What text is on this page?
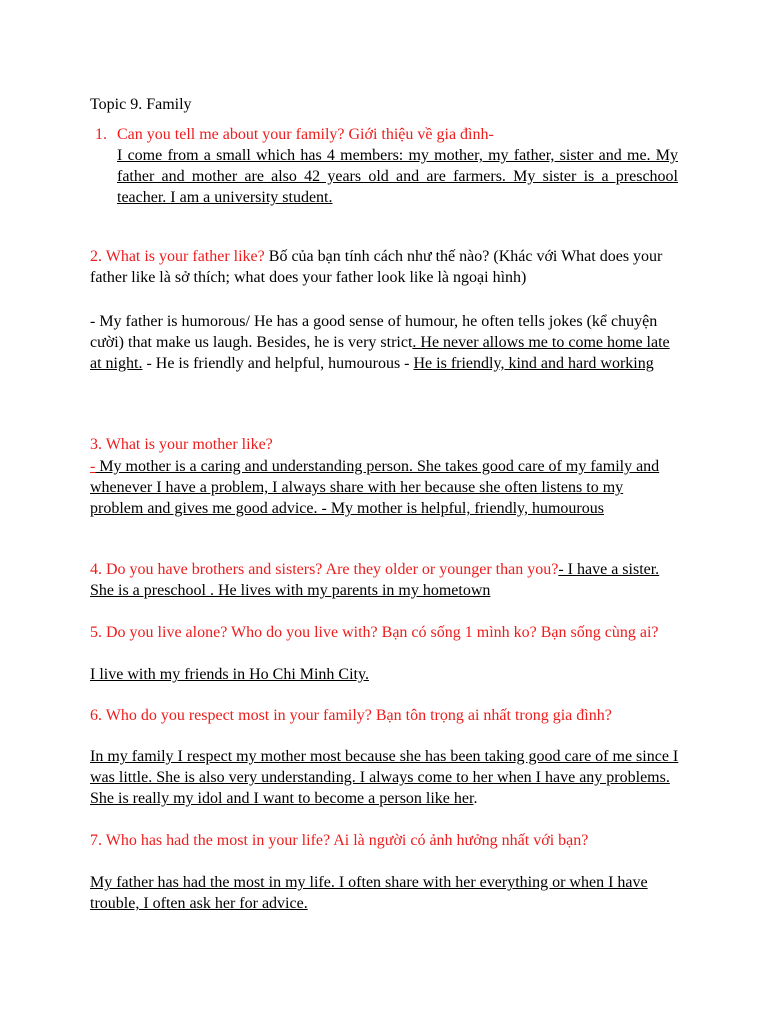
Topic 9. Family

1. Can you tell me about your family? Giới thiệu về gia đình-

I come from a small which has 4 members: my mother, my father, sister and me. My father and mother are also 42 years old and are farmers. My sister is a preschool teacher. I am a university student.

2. What is your father like? Bố của bạn tính cách như thế nào? (Khác với What does your father like là sở thích; what does your father look like là ngoại hình)

- My father is humorous/ He has a good sense of humour, he often tells jokes (kể chuyện cười) that make us laugh. Besides, he is very strict. He never allows me to come home late at night. - He is friendly and helpful, humourous - He is friendly, kind and hard working

3. What is your mother like?

- My mother is a caring and understanding person. She takes good care of my family and whenever I have a problem, I always share with her because she often listens to my problem and gives me good advice. - My mother is helpful, friendly, humourous

4. Do you have brothers and sisters? Are they older or younger than you?- I have a sister. She is a preschool . He lives with my parents in my hometown

5. Do you live alone? Who do you live with? Bạn có sống 1 mình ko? Bạn sống cùng ai?

I live with my friends in Ho Chi Minh City.

6. Who do you respect most in your family? Bạn tôn trọng ai nhất trong gia đình?

In my family I respect my mother most because she has been taking good care of me since I was little. She is also very understanding. I always come to her when I have any problems. She is really my idol and I want to become a person like her.

7. Who has had the most in your life? Ai là người có ảnh hưởng nhất với bạn?

My father has had the most in my life. I often share with her everything or when I have trouble, I often ask her for advice.
